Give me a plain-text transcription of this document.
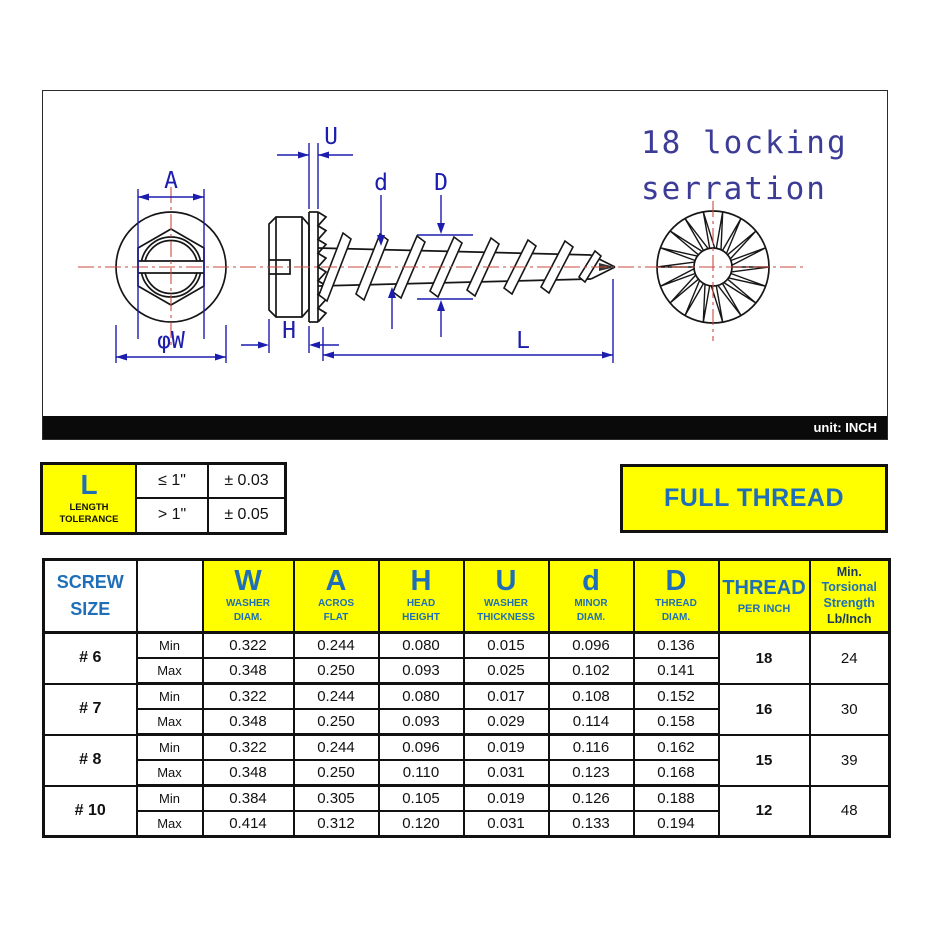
A
φW
U
d D
H	L
18 locking
serration
unit: INCH
L
LENGTH
TOLERANCE
≤ 1"	± 0.03
> 1"	± 0.05
FULL THREAD
SCREW
SIZE

W
WASHER
DIAM.

A
ACROS
FLAT

H
HEAD
HEIGHT

U
WASHER
THICKNESS

d
MINOR
DIAM.

D
THREAD
DIAM.

THREAD
PER INCH

Min.
Torsional
Strength
Lb/Inch

# 6	Min	0.322	0.244	0.080	0.015	0.096	0.136	18	24
	Max	0.348	0.250	0.093	0.025	0.102	0.141		
# 7	Min	0.322	0.244	0.080	0.017	0.108	0.152	16	30
	Max	0.348	0.250	0.093	0.029	0.114	0.158		
# 8	Min	0.322	0.244	0.096	0.019	0.116	0.162	15	39
	Max	0.348	0.250	0.110	0.031	0.123	0.168		
# 10	Min	0.384	0.305	0.105	0.019	0.126	0.188	12	48
	Max	0.414	0.312	0.120	0.031	0.133	0.194		
